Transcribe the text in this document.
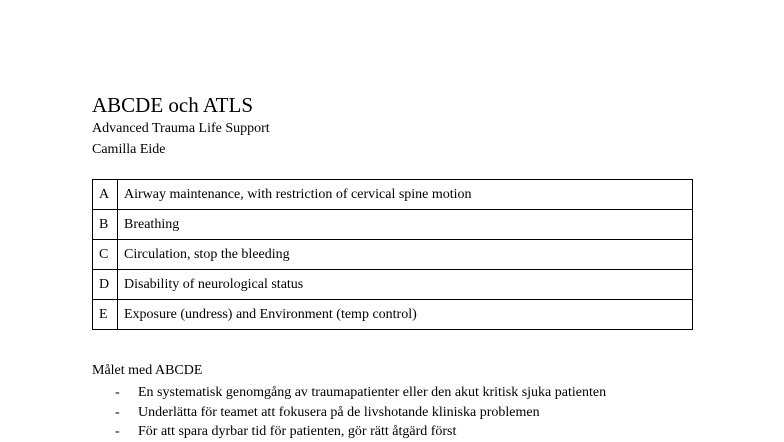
ABCDE och ATLS
Advanced Trauma Life Support
Camilla Eide
A	Airway maintenance, with restriction of cervical spine motion
B	Breathing
C	Circulation, stop the bleeding
D	Disability of neurological status
E	Exposure (undress) and Environment (temp control)
Målet med ABCDE
- En systematisk genomgång av traumapatienter eller den akut kritisk sjuka patienten
- Underlätta för teamet att fokusera på de livshotande kliniska problemen
- För att spara dyrbar tid för patienten, gör rätt åtgärd först
